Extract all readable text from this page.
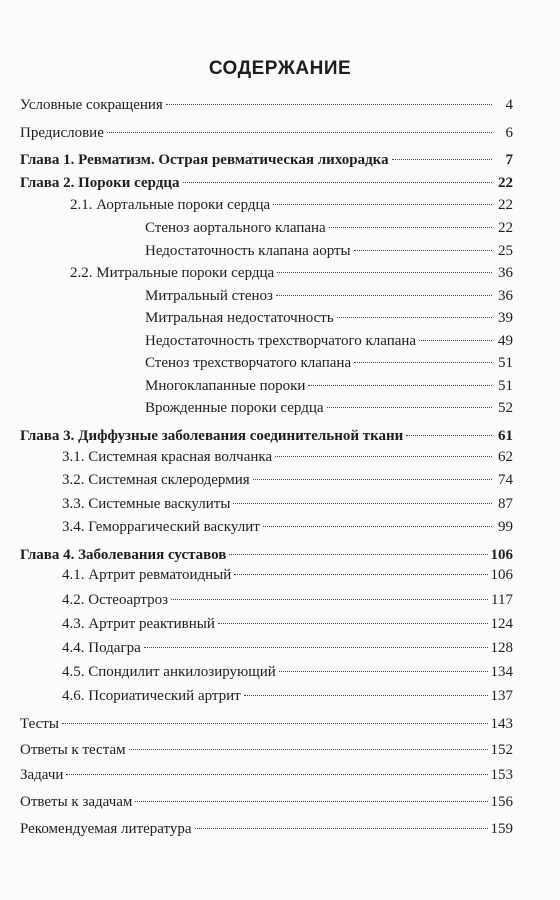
СОДЕРЖАНИЕ
Условные сокращения	4
Предисловие	6
Глава 1. Ревматизм. Острая ревматическая лихорадка	7
Глава 2. Пороки сердца	22
2.1. Аортальные пороки сердца	22
Стеноз аортального клапана	22
Недостаточность клапана аорты	25
2.2. Митральные пороки сердца	36
Митральный стеноз	36
Митральная недостаточность	39
Недостаточность трехстворчатого клапана	49
Стеноз трехстворчатого клапана	51
Многоклапанные пороки	51
Врожденные пороки сердца	52
Глава 3. Диффузные заболевания соединительной ткани	61
3.1. Системная красная волчанка	62
3.2. Системная склеродермия	74
3.3. Системные васкулиты	87
3.4. Геморрагический васкулит	99
Глава 4. Заболевания суставов	106
4.1. Артрит ревматоидный	106
4.2. Остеоартроз	117
4.3. Артрит реактивный	124
4.4. Подагра	128
4.5. Спондилит анкилозирующий	134
4.6. Псориатический артрит	137
Тесты	143
Ответы к тестам	152
Задачи	153
Ответы к задачам	156
Рекомендуемая литература	159
